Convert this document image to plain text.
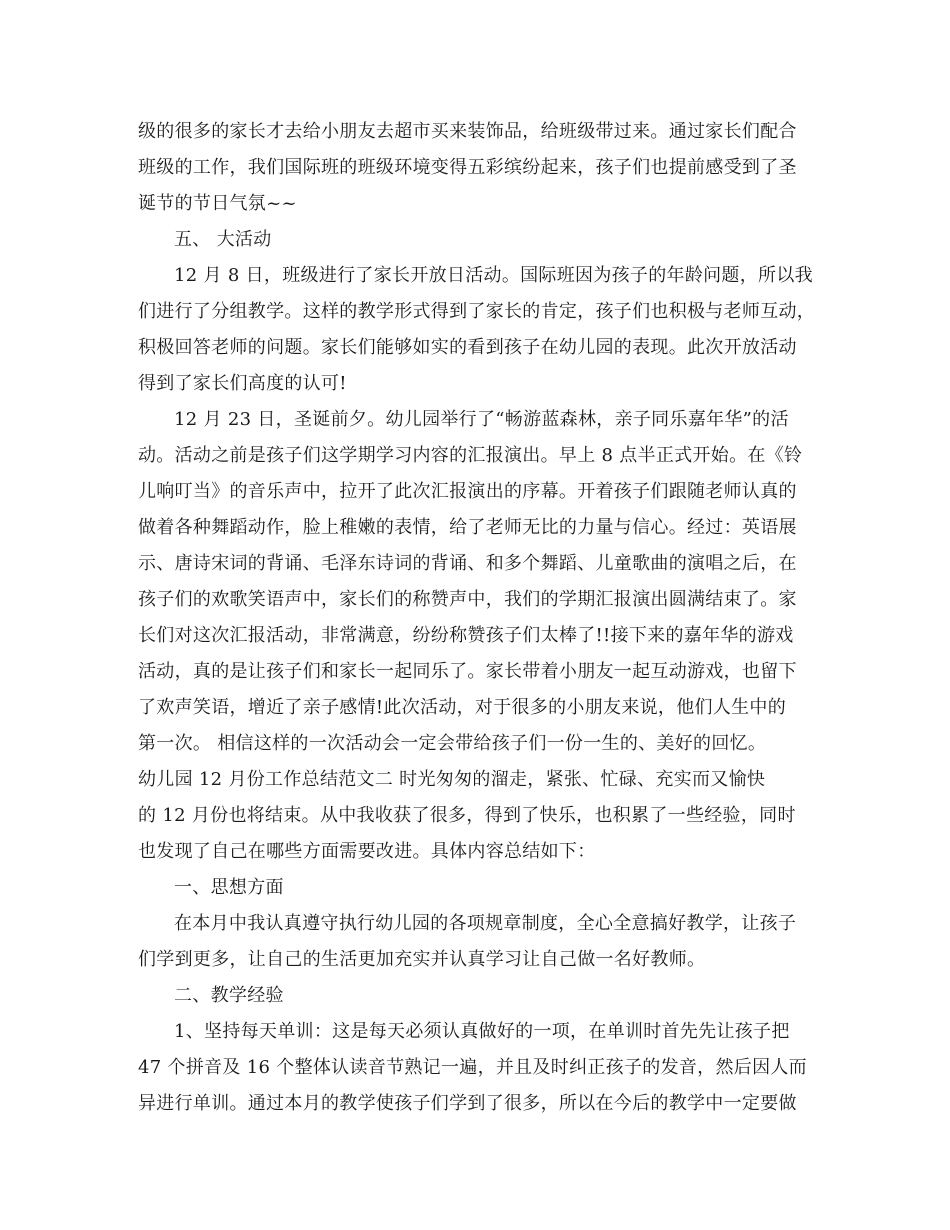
级的很多的家长才去给小朋友去超市买来装饰品，给班级带过来。通过家长们配合
班级的工作，我们国际班的班级环境变得五彩缤纷起来，孩子们也提前感受到了圣
诞节的节日气氛~~
五、 大活动
12 月 8 日，班级进行了家长开放日活动。国际班因为孩子的年龄问题，所以我
们进行了分组教学。这样的教学形式得到了家长的肯定，孩子们也积极与老师互动，
积极回答老师的问题。家长们能够如实的看到孩子在幼儿园的表现。此次开放活动
得到了家长们高度的认可!
12 月 23 日，圣诞前夕。幼儿园举行了“畅游蓝森林，亲子同乐嘉年华”的活
动。活动之前是孩子们这学期学习内容的汇报演出。早上 8 点半正式开始。在《铃
儿响叮当》的音乐声中，拉开了此次汇报演出的序幕。开着孩子们跟随老师认真的
做着各种舞蹈动作，脸上稚嫩的表情，给了老师无比的力量与信心。经过：英语展
示、唐诗宋词的背诵、毛泽东诗词的背诵、和多个舞蹈、儿童歌曲的演唱之后，在
孩子们的欢歌笑语声中，家长们的称赞声中，我们的学期汇报演出圆满结束了。家
长们对这次汇报活动，非常满意，纷纷称赞孩子们太棒了!!接下来的嘉年华的游戏
活动，真的是让孩子们和家长一起同乐了。家长带着小朋友一起互动游戏，也留下
了欢声笑语，增近了亲子感情!此次活动，对于很多的小朋友来说，他们人生中的
第一次。 相信这样的一次活动会一定会带给孩子们一份一生的、美好的回忆。
幼儿园 12 月份工作总结范文二 时光匆匆的溜走，紧张、忙碌、充实而又愉快
的 12 月份也将结束。从中我收获了很多，得到了快乐，也积累了一些经验，同时
也发现了自己在哪些方面需要改进。具体内容总结如下：
一、思想方面
在本月中我认真遵守执行幼儿园的各项规章制度，全心全意搞好教学，让孩子
们学到更多，让自己的生活更加充实并认真学习让自己做一名好教师。
二、教学经验
1、坚持每天单训：这是每天必须认真做好的一项，在单训时首先先让孩子把
47 个拼音及 16 个整体认读音节熟记一遍，并且及时纠正孩子的发音，然后因人而
异进行单训。通过本月的教学使孩子们学到了很多，所以在今后的教学中一定要做
